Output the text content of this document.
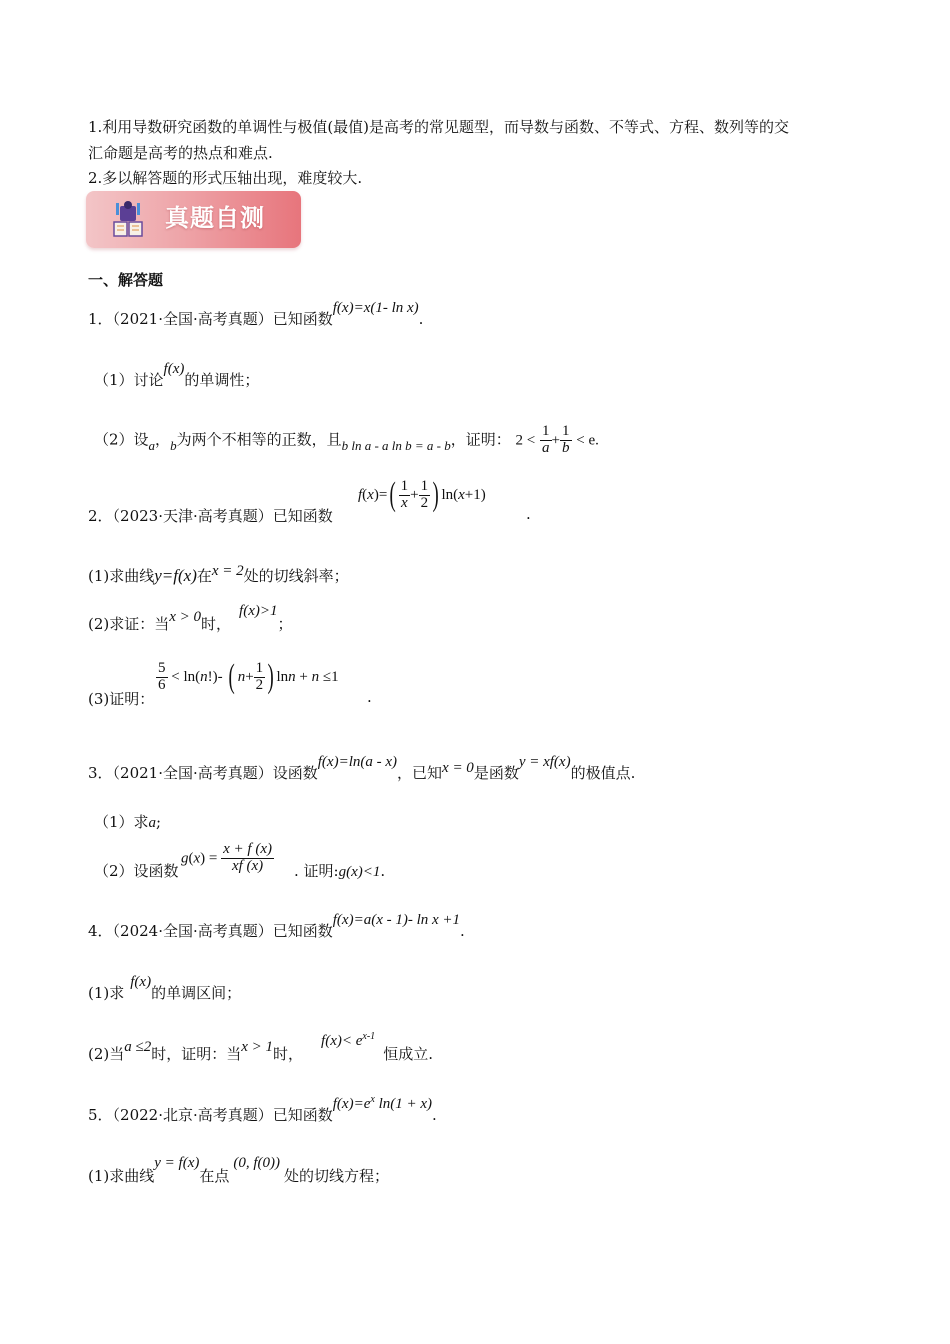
1.利用导数研究函数的单调性与极值(最值)是高考的常见题型，而导数与函数、不等式、方程、数列等的交
汇命题是高考的热点和难点.
2.多以解答题的形式压轴出现，难度较大.
真题自测
一、解答题
1．（2021·全国·高考真题）已知函数f(x)=x(1- ln x).
（1）讨论f(x)的单调性；
（2）设a，b为两个不相等的正数，且b ln a - a ln b = a - b，证明： $2 < \frac{1}{a} + \frac{1}{b} < e$.
2．（2023·天津·高考真题）已知函数
$f(x)=( \frac{1}{x} + \frac{1}{2}$ ) ln(x+1)
.
(1)求曲线y=f(x)在x = 2处的切线斜率；
(2)求证：当x > 0时，f(x)>1；
(3)证明：
$\frac{5}{6} < \ln(n!)-$ ( $n+ \frac{1}{2}$ ) lnn + n ≤1
.
3．（2021·全国·高考真题）设函数f(x)=ln(a - x)，已知x = 0是函数y = xf(x)的极值点.
（1）求a;
（2）设函数
$g(x) = \frac{x + f (x)}{xf (x)}$ . 证明:g(x)<1.
4．（2024·全国·高考真题）已知函数f(x)=a(x - 1)- ln x +1.
(1)求f(x)的单调区间；
(2)当a ≤2时，证明：当x > 1时，$f(x)< e^{x-1}$恒成立.
5．（2022·北京·高考真题）已知函数$f(x)=e^x$ ln(1 + x).
(1)求曲线y = f(x)在点(0, f(0))处的切线方程；
